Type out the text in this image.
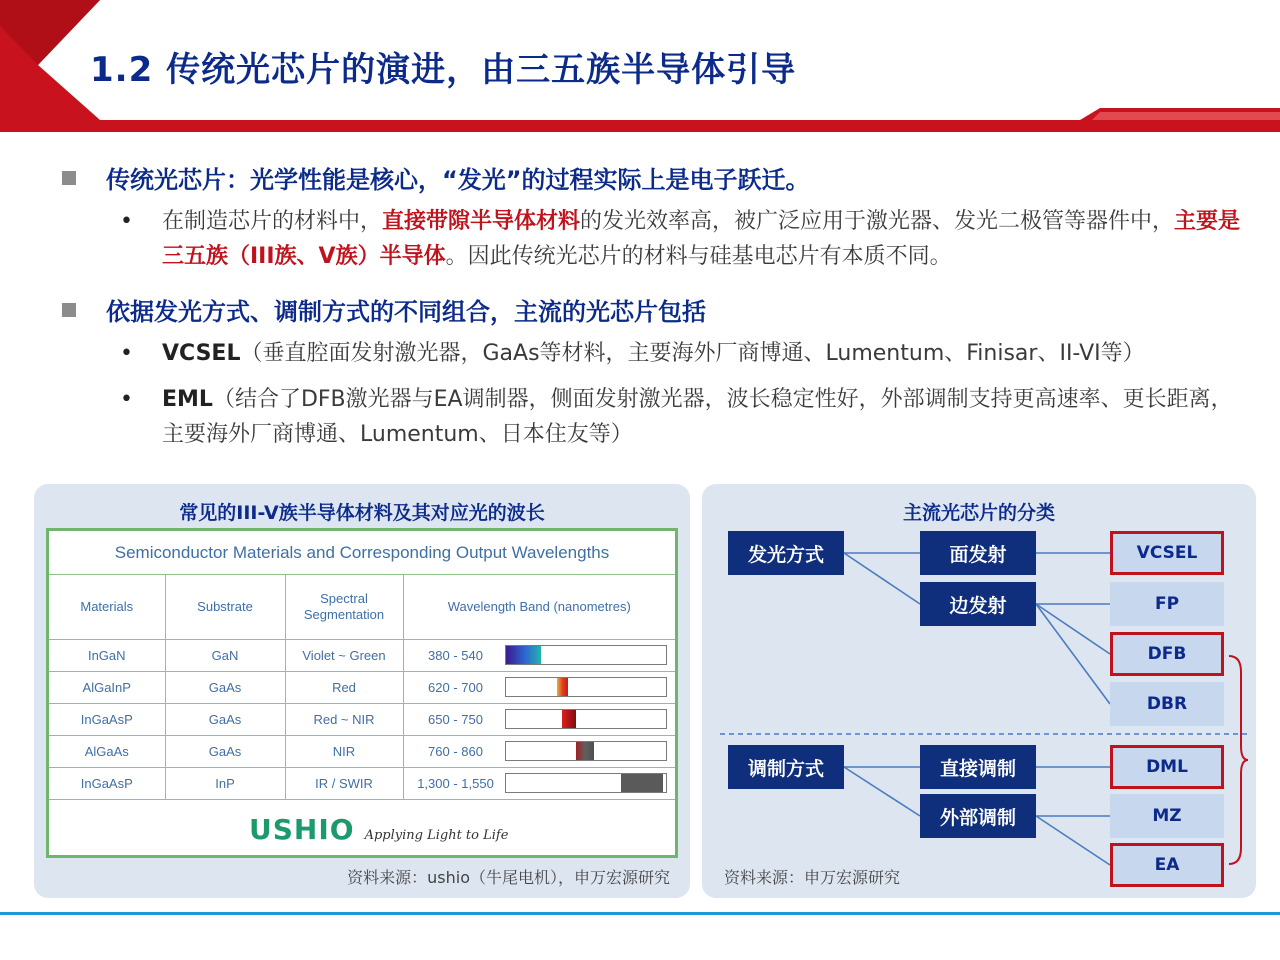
1.2 传统光芯片的演进，由三五族半导体引导
传统光芯片：光学性能是核心，“发光”的过程实际上是电子跃迁。
• 在制造芯片的材料中，直接带隙半导体材料的发光效率高，被广泛应用于激光器、发光二极管等器件中，主要是三五族（III族、V族）半导体。因此传统光芯片的材料与硅基电芯片有本质不同。
依据发光方式、调制方式的不同组合，主流的光芯片包括
• VCSEL（垂直腔面发射激光器，GaAs等材料，主要海外厂商博通、Lumentum、Finisar、II-VI等）
• EML（结合了DFB激光器与EA调制器，侧面发射激光器，波长稳定性好，外部调制支持更高速率、更长距离，主要海外厂商博通、Lumentum、日本住友等）
常见的III-V族半导体材料及其对应光的波长
Semiconductor Materials and Corresponding Output Wavelengths
Materials	Substrate	Spectral Segmentation	Wavelength Band (nanometres)
InGaN	GaN	Violet ~ Green	380 - 540

AlGaInP	GaAs	Red	620 - 700

InGaAsP	GaAs	Red ~ NIR	650 - 750

AlGaAs	GaAs	NIR	760 - 860

InGaAsP	InP	IR / SWIR	1,300 - 1,550
USHIO Applying Light to Life
资料来源：ushio（牛尾电机），申万宏源研究
主流光芯片的分类
发光方式	面发射
边发射
调制方式	直接调制
外部调制
VCSEL
FP
DFB
DBR
DML
MZ
EA
资料来源：申万宏源研究
